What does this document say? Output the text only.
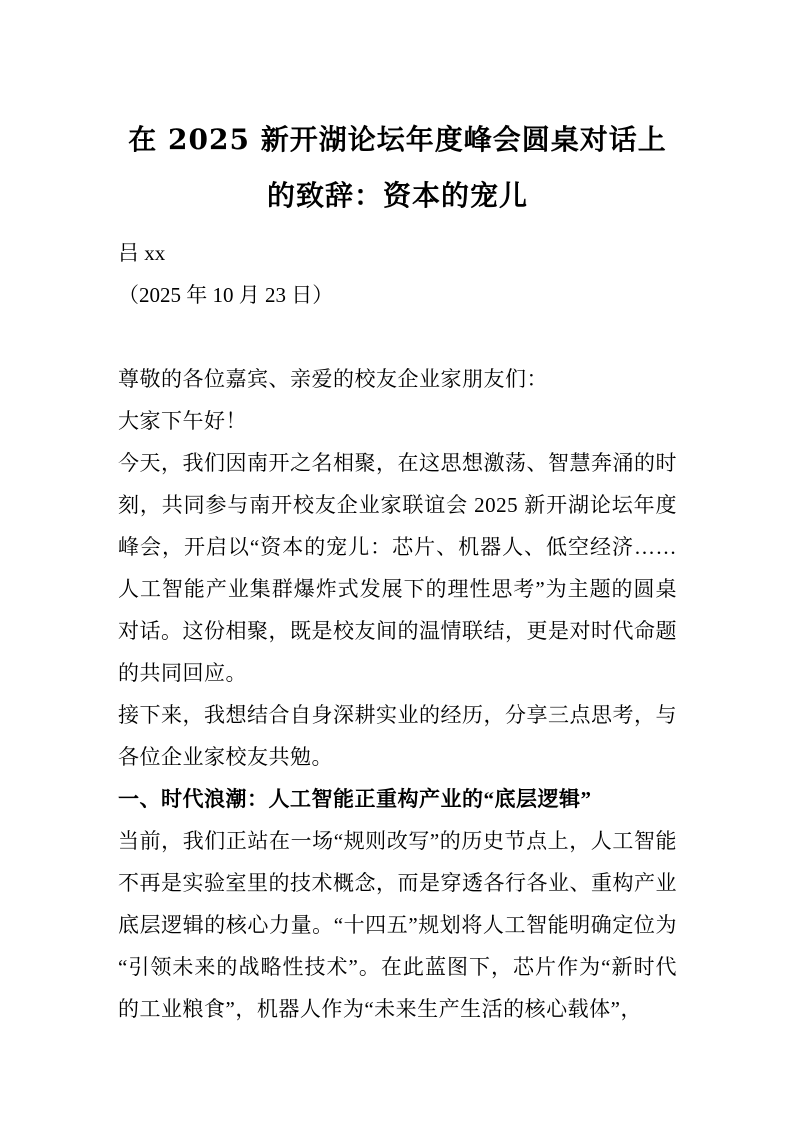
在 2025 新开湖论坛年度峰会圆桌对话上的致辞：资本的宠儿

吕 xx

（2025 年 10 月 23 日）

尊敬的各位嘉宾、亲爱的校友企业家朋友们：

大家下午好！

今天，我们因南开之名相聚，在这思想激荡、智慧奔涌的时刻，共同参与南开校友企业家联谊会 2025 新开湖论坛年度峰会，开启以“资本的宠儿：芯片、机器人、低空经济……人工智能产业集群爆炸式发展下的理性思考”为主题的圆桌对话。这份相聚，既是校友间的温情联结，更是对时代命题的共同回应。

接下来，我想结合自身深耕实业的经历，分享三点思考，与各位企业家校友共勉。

一、时代浪潮：人工智能正重构产业的“底层逻辑”

当前，我们正站在一场“规则改写”的历史节点上，人工智能不再是实验室里的技术概念，而是穿透各行各业、重构产业底层逻辑的核心力量。“十四五”规划将人工智能明确定位为“引领未来的战略性技术”。在此蓝图下，芯片作为“新时代的工业粮食”，机器人作为“未来生产生活的核心载体”，
